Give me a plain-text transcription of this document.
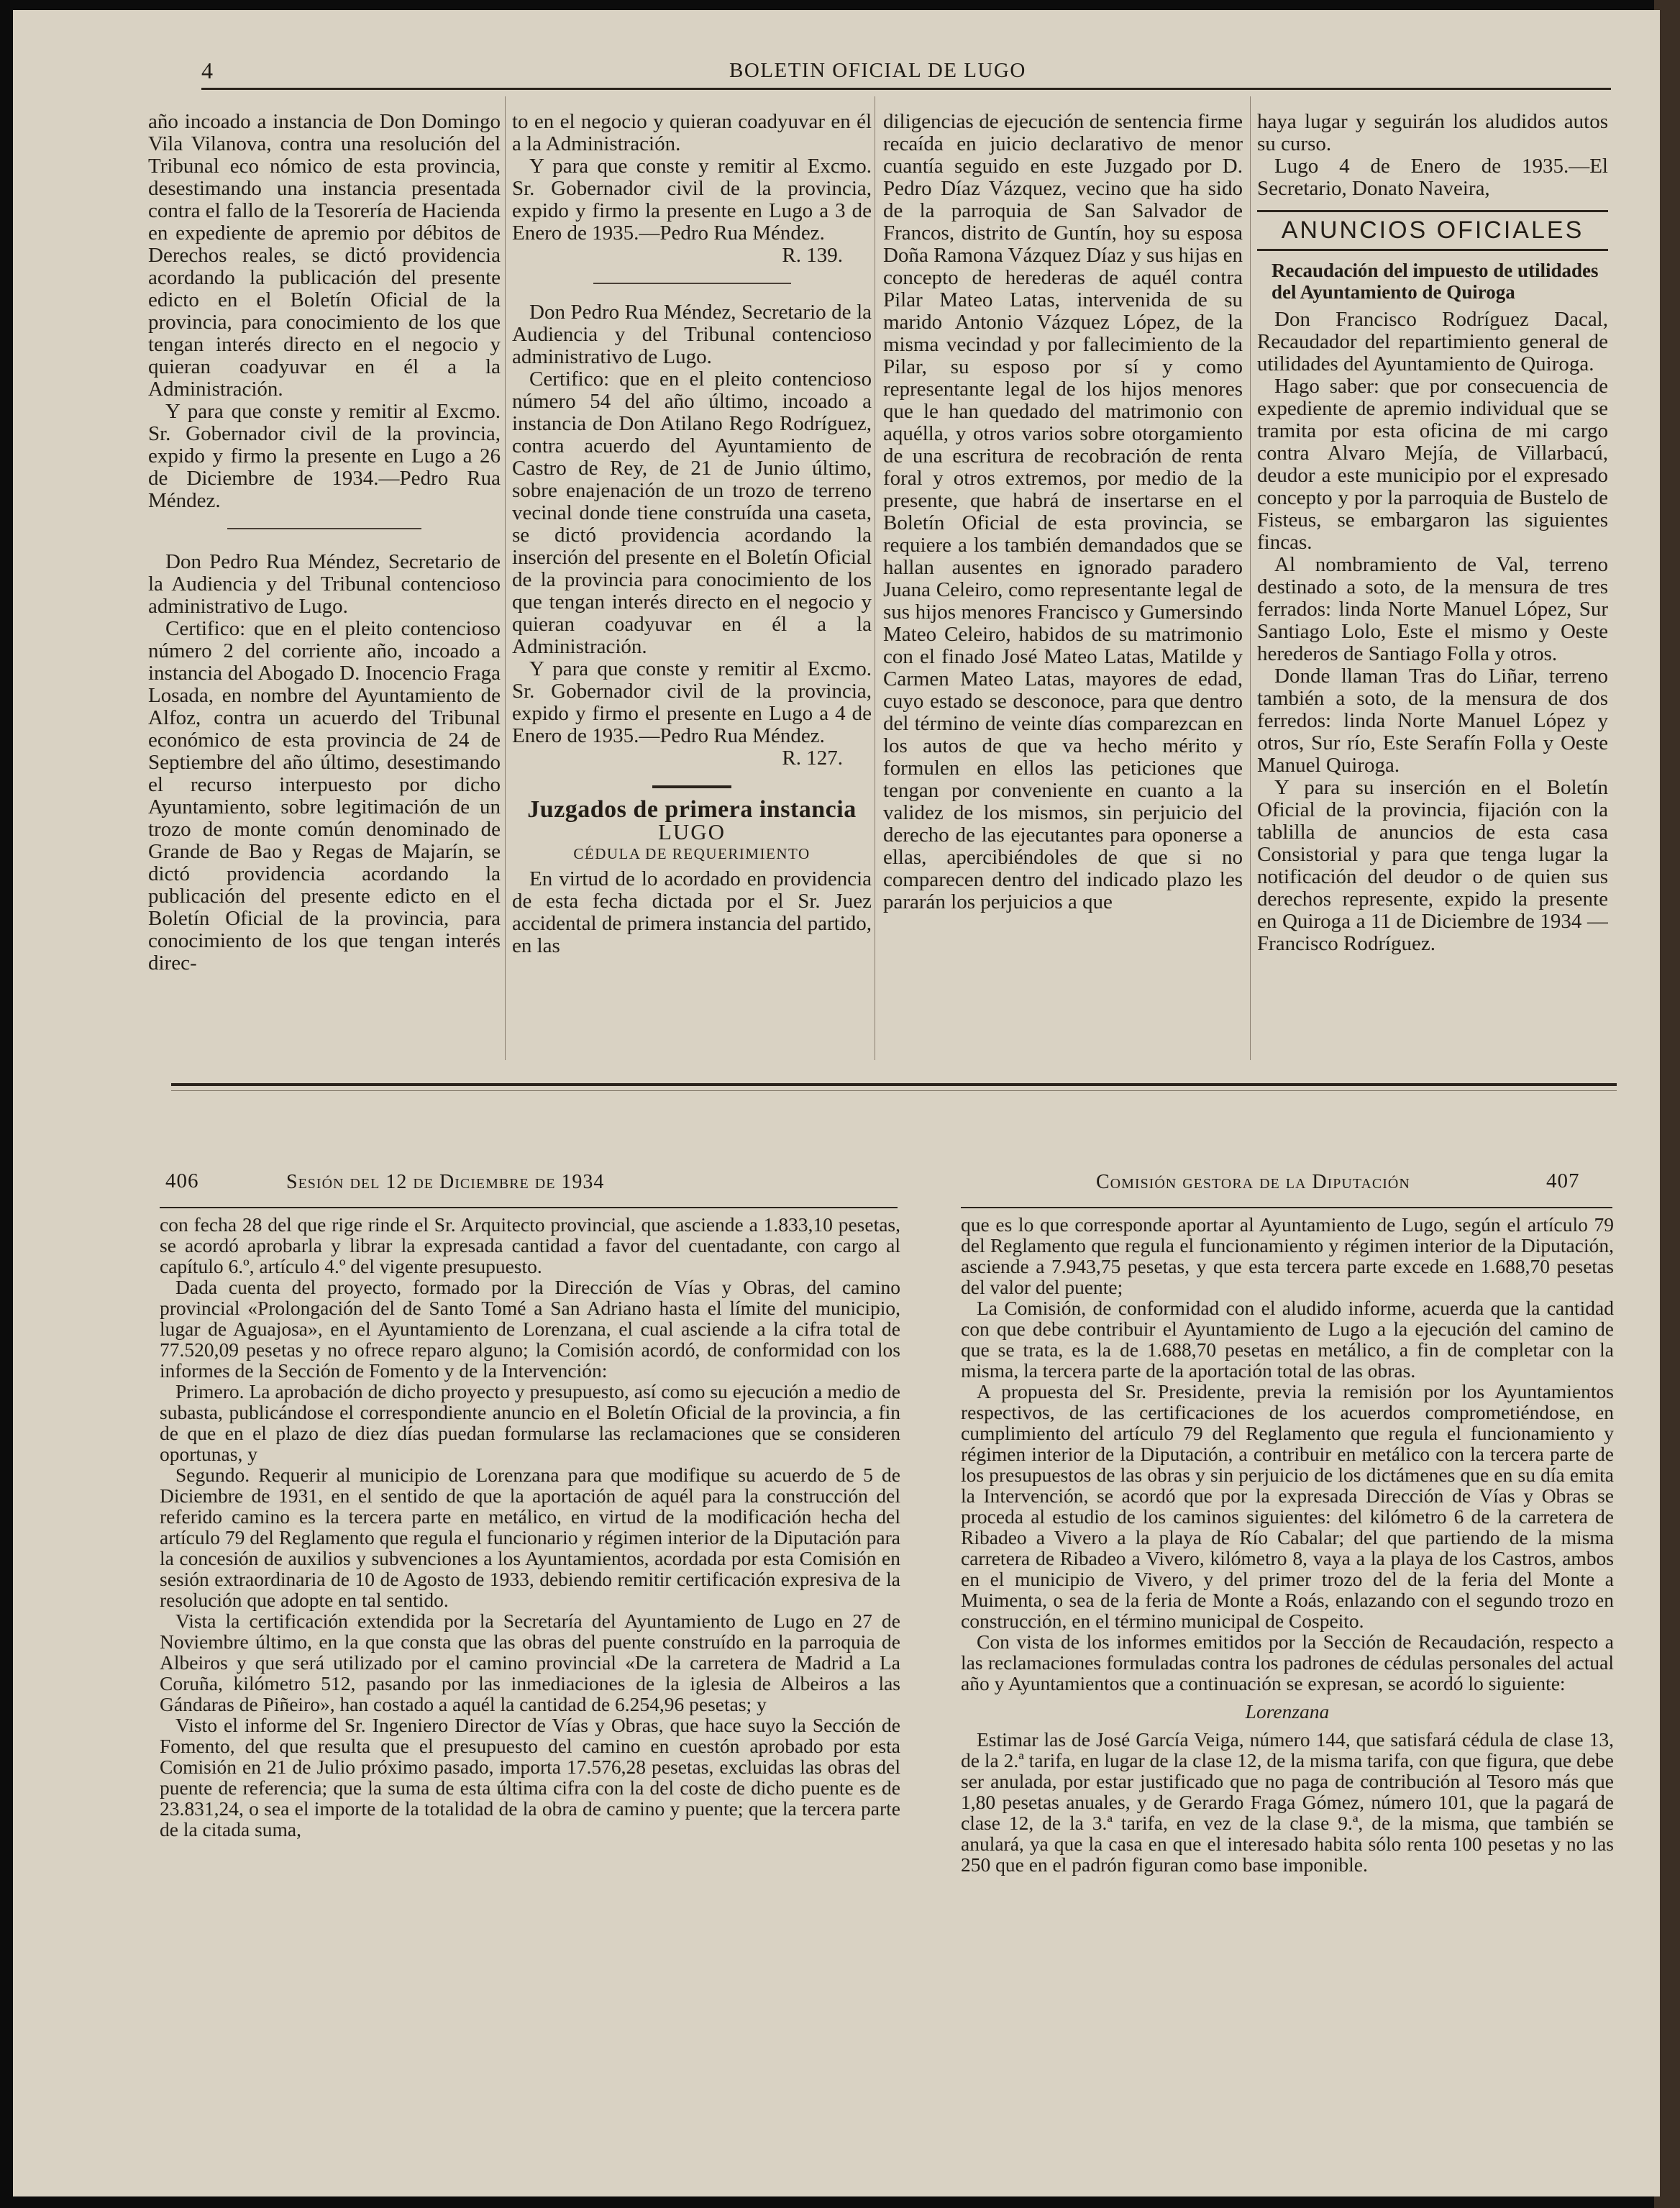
4	BOLETIN OFICIAL DE LUGO

año incoado a instancia de Don Domingo Vila Vilanova, contra una resolución del Tribunal eco nómico de esta provincia, desestimando una instancia presentada contra el fallo de la Tesorería de Hacienda en expediente de apremio por débitos de Derechos reales, se dictó providencia acordando la publicación del presente edicto en el Boletín Oficial de la provincia, para conocimiento de los que tengan interés directo en el negocio y quieran coadyuvar en él a la Administración.

Y para que conste y remitir al Excmo. Sr. Gobernador civil de la provincia, expido y firmo la presente en Lugo a 26 de Diciembre de 1934.—Pedro Rua Méndez.

Don Pedro Rua Méndez, Secretario de la Audiencia y del Tribunal contencioso administrativo de Lugo.

Certifico: que en el pleito contencioso número 2 del corriente año, incoado a instancia del Abogado D. Inocencio Fraga Losada, en nombre del Ayuntamiento de Alfoz, contra un acuerdo del Tribunal económico de esta provincia de 24 de Septiembre del año último, desestimando el recurso interpuesto por dicho Ayuntamiento, sobre legitimación de un trozo de monte común denominado de Grande de Bao y Regas de Majarín, se dictó providencia acordando la publicación del presente edicto en el Boletín Oficial de la provincia, para conocimiento de los que tengan interés direc-

to en el negocio y quieran coadyuvar en él a la Administración.

Y para que conste y remitir al Excmo. Sr. Gobernador civil de la provincia, expido y firmo la presente en Lugo a 3 de Enero de 1935.—Pedro Rua Méndez.

R. 139.

Don Pedro Rua Méndez, Secretario de la Audiencia y del Tribunal contencioso administrativo de Lugo.

Certifico: que en el pleito contencioso número 54 del año último, incoado a instancia de Don Atilano Rego Rodríguez, contra acuerdo del Ayuntamiento de Castro de Rey, de 21 de Junio último, sobre enajenación de un trozo de terreno vecinal donde tiene construída una caseta, se dictó providencia acordando la inserción del presente en el Boletín Oficial de la provincia para conocimiento de los que tengan interés directo en el negocio y quieran coadyuvar en él a la Administración.

Y para que conste y remitir al Excmo. Sr. Gobernador civil de la provincia, expido y firmo el presente en Lugo a 4 de Enero de 1935.—Pedro Rua Méndez.

R. 127.

Juzgados de primera instancia

LUGO

CÉDULA DE REQUERIMIENTO

En virtud de lo acordado en providencia de esta fecha dictada por el Sr. Juez accidental de primera instancia del partido, en las

diligencias de ejecución de sentencia firme recaída en juicio declarativo de menor cuantía seguido en este Juzgado por D. Pedro Díaz Vázquez, vecino que ha sido de la parroquia de San Salvador de Francos, distrito de Guntín, hoy su esposa Doña Ramona Vázquez Díaz y sus hijas en concepto de herederas de aquél contra Pilar Mateo Latas, intervenida de su marido Antonio Vázquez López, de la misma vecindad y por fallecimiento de la Pilar, su esposo por sí y como representante legal de los hijos menores que le han quedado del matrimonio con aquélla, y otros varios sobre otorgamiento de una escritura de recobración de renta foral y otros extremos, por medio de la presente, que habrá de insertarse en el Boletín Oficial de esta provincia, se requiere a los también demandados que se hallan ausentes en ignorado paradero Juana Celeiro, como representante legal de sus hijos menores Francisco y Gumersindo Mateo Celeiro, habidos de su matrimonio con el finado José Mateo Latas, Matilde y Carmen Mateo Latas, mayores de edad, cuyo estado se desconoce, para que dentro del término de veinte días comparezcan en los autos de que va hecho mérito y formulen en ellos las peticiones que tengan por conveniente en cuanto a la validez de los mismos, sin perjuicio del derecho de las ejecutantes para oponerse a ellas, apercibiéndoles de que si no comparecen dentro del indicado plazo les pararán los perjuicios a que

haya lugar y seguirán los aludidos autos su curso.

Lugo 4 de Enero de 1935.—El Secretario, Donato Naveira,

ANUNCIOS OFICIALES

Recaudación del impuesto de utilidades del Ayuntamiento de Quiroga

Don Francisco Rodríguez Dacal, Recaudador del repartimiento general de utilidades del Ayuntamiento de Quiroga.

Hago saber: que por consecuencia de expediente de apremio individual que se tramita por esta oficina de mi cargo contra Alvaro Mejía, de Villarbacú, deudor a este municipio por el expresado concepto y por la parroquia de Bustelo de Fisteus, se embargaron las siguientes fincas.

Al nombramiento de Val, terreno destinado a soto, de la mensura de tres ferrados: linda Norte Manuel López, Sur Santiago Lolo, Este el mismo y Oeste herederos de Santiago Folla y otros.

Donde llaman Tras do Liñar, terreno también a soto, de la mensura de dos ferredos: linda Norte Manuel López y otros, Sur río, Este Serafín Folla y Oeste Manuel Quiroga.

Y para su inserción en el Boletín Oficial de la provincia, fijación con la tablilla de anuncios de esta casa Consistorial y para que tenga lugar la notificación del deudor o de quien sus derechos represente, expido la presente en Quiroga a 11 de Diciembre de 1934 —Francisco Rodríguez.

406	Sesión del 12 de Diciembre de 1934	Comisión gestora de la Diputación	407

con fecha 28 del que rige rinde el Sr. Arquitecto provincial, que asciende a 1.833,10 pesetas, se acordó aprobarla y librar la expresada cantidad a favor del cuentadante, con cargo al capítulo 6.º, artículo 4.º del vigente presupuesto.

Dada cuenta del proyecto, formado por la Dirección de Vías y Obras, del camino provincial «Prolongación del de Santo Tomé a San Adriano hasta el límite del municipio, lugar de Aguajosa», en el Ayuntamiento de Lorenzana, el cual asciende a la cifra total de 77.520,09 pesetas y no ofrece reparo alguno; la Comisión acordó, de conformidad con los informes de la Sección de Fomento y de la Intervención:

Primero. La aprobación de dicho proyecto y presupuesto, así como su ejecución a medio de subasta, publicándose el correspondiente anuncio en el Boletín Oficial de la provincia, a fin de que en el plazo de diez días puedan formularse las reclamaciones que se consideren oportunas, y

Segundo. Requerir al municipio de Lorenzana para que modifique su acuerdo de 5 de Diciembre de 1931, en el sentido de que la aportación de aquél para la construcción del referido camino es la tercera parte en metálico, en virtud de la modificación hecha del artículo 79 del Reglamento que regula el funcionario y régimen interior de la Diputación para la concesión de auxilios y subvenciones a los Ayuntamientos, acordada por esta Comisión en sesión extraordinaria de 10 de Agosto de 1933, debiendo remitir certificación expresiva de la resolución que adopte en tal sentido.

Vista la certificación extendida por la Secretaría del Ayuntamiento de Lugo en 27 de Noviembre último, en la que consta que las obras del puente construído en la parroquia de Albeiros y que será utilizado por el camino provincial «De la carretera de Madrid a La Coruña, kilómetro 512, pasando por las inmediaciones de la iglesia de Albeiros a las Gándaras de Piñeiro», han costado a aquél la cantidad de 6.254,96 pesetas; y

Visto el informe del Sr. Ingeniero Director de Vías y Obras, que hace suyo la Sección de Fomento, del que resulta que el presupuesto del camino en cuestón aprobado por esta Comisión en 21 de Julio próximo pasado, importa 17.576,28 pesetas, excluidas las obras del puente de referencia; que la suma de esta última cifra con la del coste de dicho puente es de 23.831,24, o sea el importe de la totalidad de la obra de camino y puente; que la tercera parte de la citada suma,

que es lo que corresponde aportar al Ayuntamiento de Lugo, según el artículo 79 del Reglamento que regula el funcionamiento y régimen interior de la Diputación, asciende a 7.943,75 pesetas, y que esta tercera parte excede en 1.688,70 pesetas del valor del puente;

La Comisión, de conformidad con el aludido informe, acuerda que la cantidad con que debe contribuir el Ayuntamiento de Lugo a la ejecución del camino de que se trata, es la de 1.688,70 pesetas en metálico, a fin de completar con la misma, la tercera parte de la aportación total de las obras.

A propuesta del Sr. Presidente, previa la remisión por los Ayuntamientos respectivos, de las certificaciones de los acuerdos comprometiéndose, en cumplimiento del artículo 79 del Reglamento que regula el funcionamiento y régimen interior de la Diputación, a contribuir en metálico con la tercera parte de los presupuestos de las obras y sin perjuicio de los dictámenes que en su día emita la Intervención, se acordó que por la expresada Dirección de Vías y Obras se proceda al estudio de los caminos siguientes: del kilómetro 6 de la carretera de Ribadeo a Vivero a la playa de Río Cabalar; del que partiendo de la misma carretera de Ribadeo a Vivero, kilómetro 8, vaya a la playa de los Castros, ambos en el municipio de Vivero, y del primer trozo del de la feria del Monte a Muimenta, o sea de la feria de Monte a Roás, enlazando con el segundo trozo en construcción, en el término municipal de Cospeito.

Con vista de los informes emitidos por la Sección de Recaudación, respecto a las reclamaciones formuladas contra los padrones de cédulas personales del actual año y Ayuntamientos que a continuación se expresan, se acordó lo siguiente:

Lorenzana

Estimar las de José García Veiga, número 144, que satisfará cédula de clase 13, de la 2.ª tarifa, en lugar de la clase 12, de la misma tarifa, con que figura, que debe ser anulada, por estar justificado que no paga de contribución al Tesoro más que 1,80 pesetas anuales, y de Gerardo Fraga Gómez, número 101, que la pagará de clase 12, de la 3.ª tarifa, en vez de la clase 9.ª, de la misma, que también se anulará, ya que la casa en que el interesado habita sólo renta 100 pesetas y no las 250 que en el padrón figuran como base imponible.
